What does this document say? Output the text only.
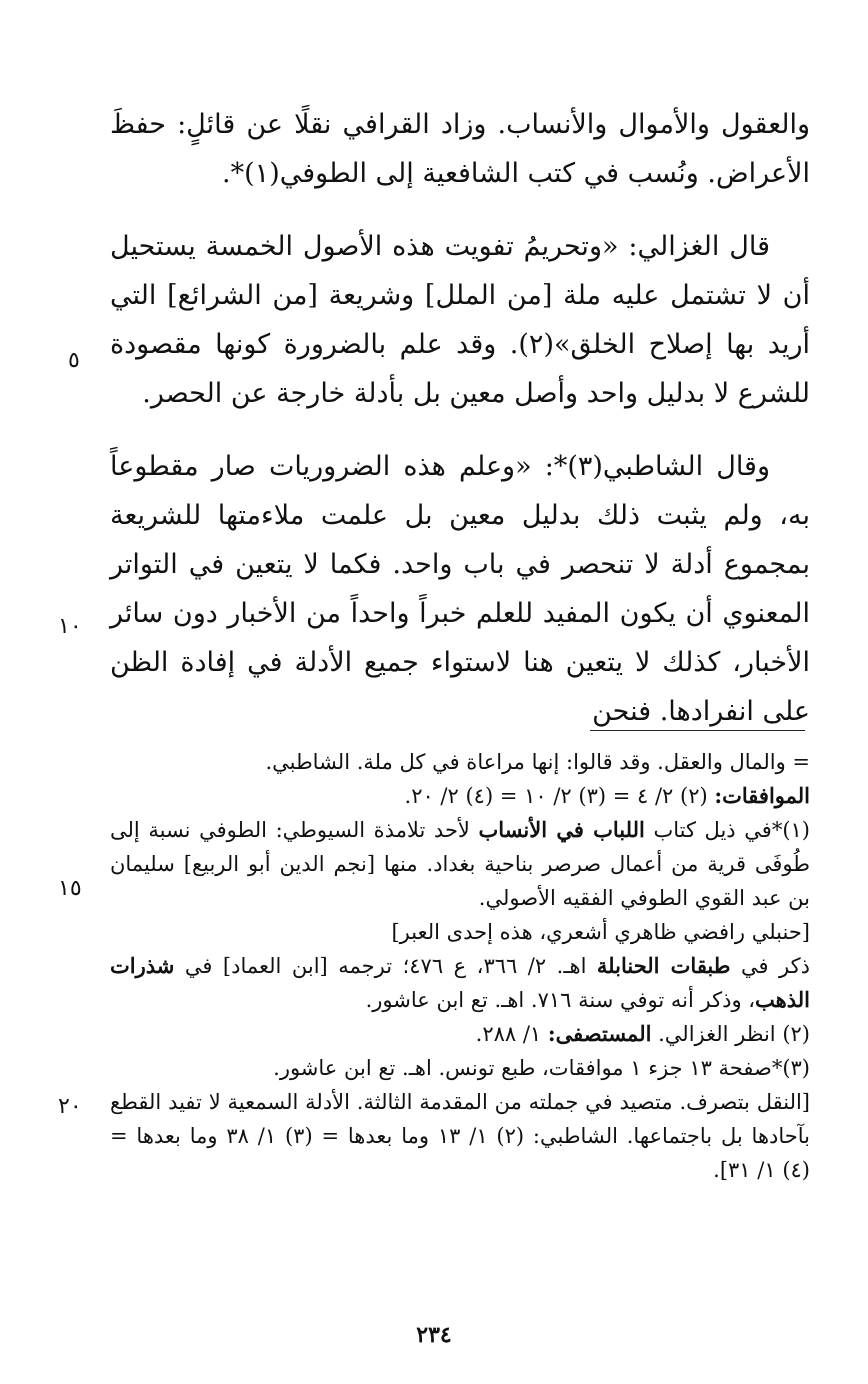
والعقول والأموال والأنساب. وزاد القرافي نقلًا عن قائلٍ: حفظَ الأعراض. ونُسب في كتب الشافعية إلى الطوفي(١)*.

قال الغزالي: «وتحريمُ تفويت هذه الأصول الخمسة يستحيل أن لا تشتمل عليه ملة [من الملل] وشريعة [من الشرائع] التي أريد بها إصلاح الخلق»(٢). وقد علم بالضرورة كونها مقصودة للشرع لا بدليل واحد وأصل معين بل بأدلة خارجة عن الحصر.

وقال الشاطبي(٣)*: «وعلم هذه الضروريات صار مقطوعاً به، ولم يثبت ذلك بدليل معين بل علمت ملاءمتها للشريعة بمجموع أدلة لا تنحصر في باب واحد. فكما لا يتعين في التواتر المعنوي أن يكون المفيد للعلم خبراً واحداً من الأخبار دون سائر الأخبار، كذلك لا يتعين هنا لاستواء جميع الأدلة في إفادة الظن على انفرادها. فنحن

٥
١٠
١٥
٢٠

= والمال والعقل. وقد قالوا: إنها مراعاة في كل ملة. الشاطبي.
الموافقات: (٢) ٢/ ٤ = (٣) ٢/ ١٠ = (٤) ٢/ ٢٠.

(١)*في ذيل كتاب اللباب في الأنساب لأحد تلامذة السيوطي: الطوفي نسبة إلى طُوفَى قرية من أعمال صرصر بناحية بغداد. منها [نجم الدين أبو الربيع] سليمان بن عبد القوي الطوفي الفقيه الأصولي.

[حنبلي رافضي ظاهري أشعري، هذه إحدى العبر]

ذكر في طبقات الحنابلة اهـ. ٢/ ٣٦٦، ع ٤٧٦؛ ترجمه [ابن العماد] في شذرات الذهب، وذكر أنه توفي سنة ٧١٦. اهـ. تع ابن عاشور.

(٢) انظر الغزالي. المستصفى: ١/ ٢٨٨.

(٣)*صفحة ١٣ جزء ١ موافقات، طبع تونس. اهـ. تع ابن عاشور.

[النقل بتصرف. متصيد في جملته من المقدمة الثالثة. الأدلة السمعية لا تفيد القطع بآحادها بل باجتماعها. الشاطبي: (٢) ١/ ١٣ وما بعدها = (٣) ١/ ٣٨ وما بعدها = (٤) ١/ ٣١].

٢٣٤
